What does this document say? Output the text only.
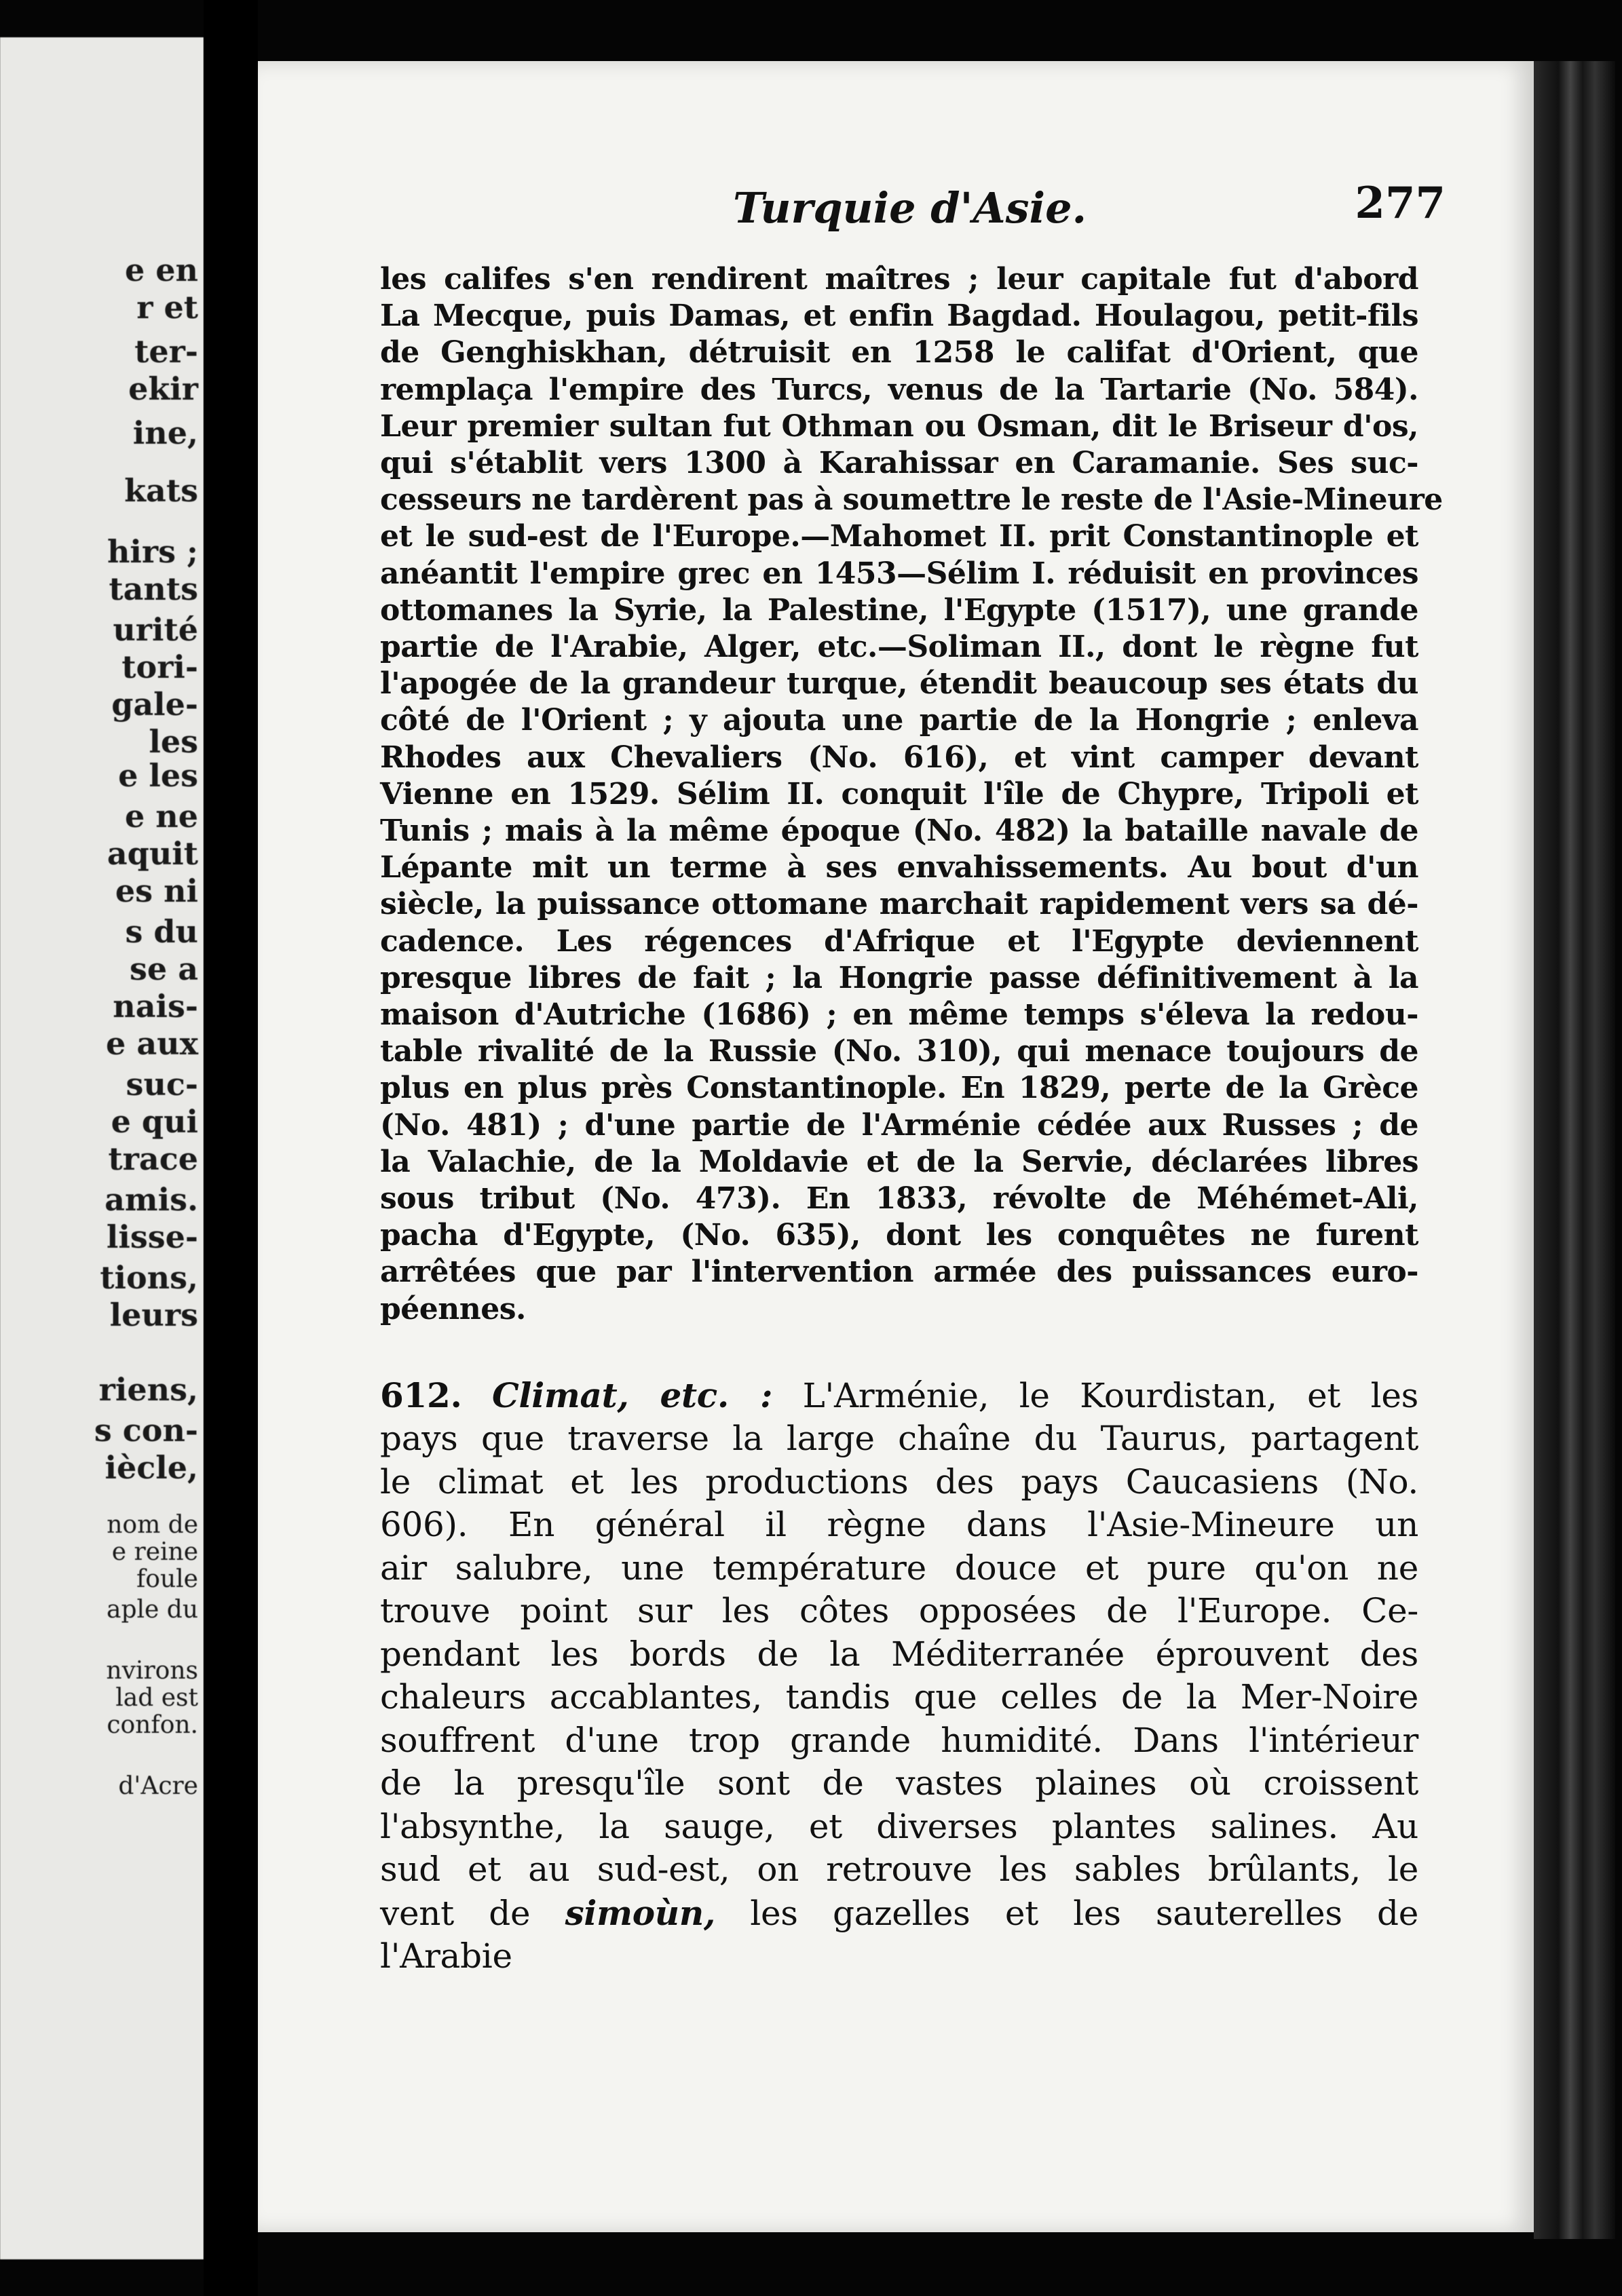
e en
r et
ter-
ekir
ine,
kats
hirs ;
tants
urité
tori-
gale-
les
e les
e ne
aquit
es ni
s du
se a
nais-
e aux
suc-
e qui
trace
amis.
lisse-
tions,
leurs
riens,
s con-
iècle,
nom de
e reine
foule
aple du
nvirons
lad est
confon.
d'Acre
Turquie d'Asie.	277
les califes s'en rendirent maîtres ; leur capitale fut d'abord
La Mecque, puis Damas, et enfin Bagdad. Houlagou, petit-fils
de Genghiskhan, détruisit en 1258 le califat d'Orient, que
remplaça l'empire des Turcs, venus de la Tartarie (No. 584).
Leur premier sultan fut Othman ou Osman, dit le Briseur d'os,
qui s'établit vers 1300 à Karahissar en Caramanie. Ses suc-
cesseurs ne tardèrent pas à soumettre le reste de l'Asie-Mineure
et le sud-est de l'Europe.—Mahomet II. prit Constantinople et
anéantit l'empire grec en 1453—Sélim I. réduisit en provinces
ottomanes la Syrie, la Palestine, l'Egypte (1517), une grande
partie de l'Arabie, Alger, etc.—Soliman II., dont le règne fut
l'apogée de la grandeur turque, étendit beaucoup ses états du
côté de l'Orient ; y ajouta une partie de la Hongrie ; enleva
Rhodes aux Chevaliers (No. 616), et vint camper devant
Vienne en 1529. Sélim II. conquit l'île de Chypre, Tripoli et
Tunis ; mais à la même époque (No. 482) la bataille navale de
Lépante mit un terme à ses envahissements. Au bout d'un
siècle, la puissance ottomane marchait rapidement vers sa dé-
cadence. Les régences d'Afrique et l'Egypte deviennent
presque libres de fait ; la Hongrie passe définitivement à la
maison d'Autriche (1686) ; en même temps s'éleva la redou-
table rivalité de la Russie (No. 310), qui menace toujours de
plus en plus près Constantinople. En 1829, perte de la Grèce
(No. 481) ; d'une partie de l'Arménie cédée aux Russes ; de
la Valachie, de la Moldavie et de la Servie, déclarées libres
sous tribut (No. 473). En 1833, révolte de Méhémet-Ali,
pacha d'Egypte, (No. 635), dont les conquêtes ne furent
arrêtées que par l'intervention armée des puissances euro-
péennes.
612. Climat, etc. : L'Arménie, le Kourdistan, et les
pays que traverse la large chaîne du Taurus, partagent
le climat et les productions des pays Caucasiens (No.
606). En général il règne dans l'Asie-Mineure un
air salubre, une température douce et pure qu'on ne
trouve point sur les côtes opposées de l'Europe. Ce-
pendant les bords de la Méditerranée éprouvent des
chaleurs accablantes, tandis que celles de la Mer-Noire
souffrent d'une trop grande humidité. Dans l'intérieur
de la presqu'île sont de vastes plaines où croissent
l'absynthe, la sauge, et diverses plantes salines. Au
sud et au sud-est, on retrouve les sables brûlants, le
vent de simoùn, les gazelles et les sauterelles de
l'Arabie
